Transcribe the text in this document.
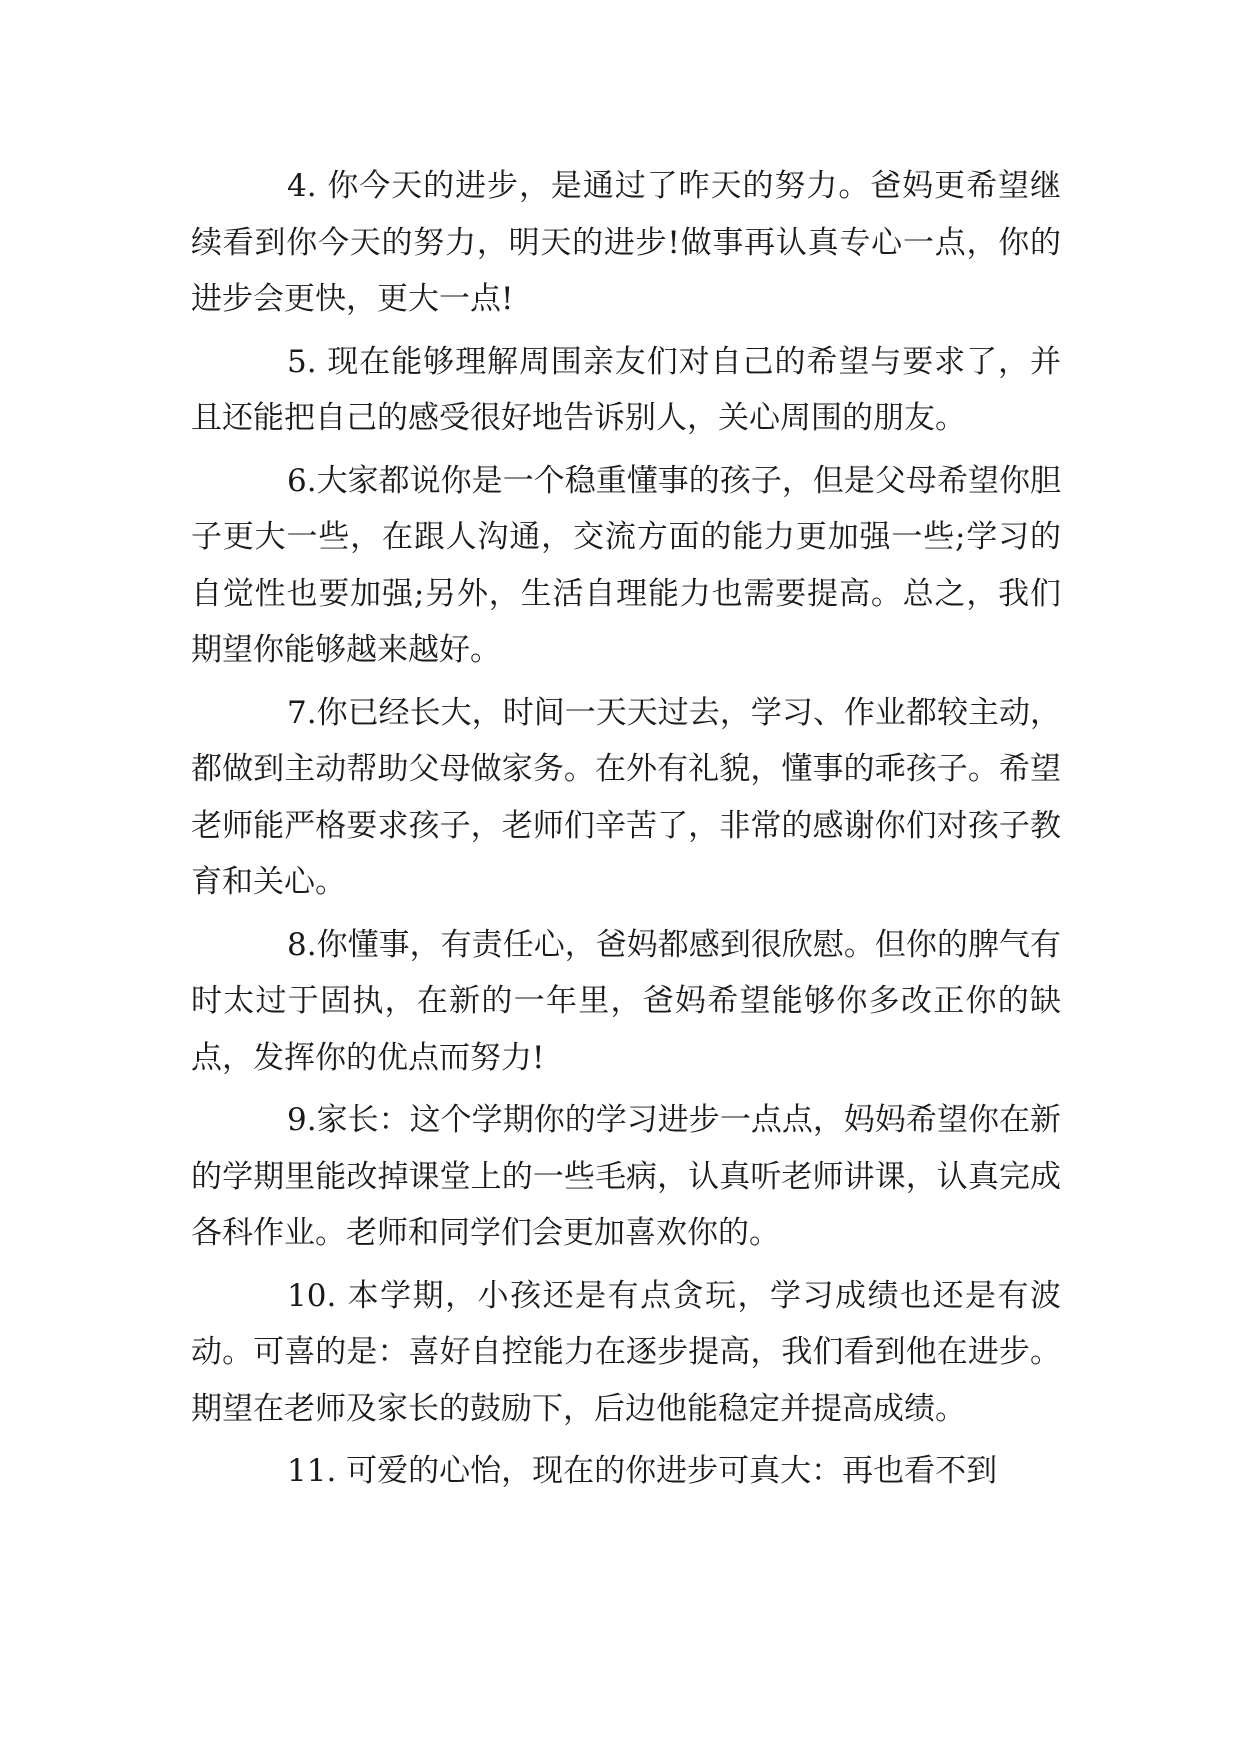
4. 你今天的进步，是通过了昨天的努力。爸妈更希望继续看到你今天的努力，明天的进步!做事再认真专心一点，你的进步会更快，更大一点!

5. 现在能够理解周围亲友们对自己的希望与要求了，并且还能把自己的感受很好地告诉别人，关心周围的朋友。

6.大家都说你是一个稳重懂事的孩子，但是父母希望你胆子更大一些，在跟人沟通，交流方面的能力更加强一些;学习的自觉性也要加强;另外，生活自理能力也需要提高。总之，我们期望你能够越来越好。

7.你已经长大，时间一天天过去，学习、作业都较主动，都做到主动帮助父母做家务。在外有礼貌，懂事的乖孩子。希望老师能严格要求孩子，老师们辛苦了，非常的感谢你们对孩子教育和关心。

8.你懂事，有责任心，爸妈都感到很欣慰。但你的脾气有时太过于固执，在新的一年里，爸妈希望能够你多改正你的缺点，发挥你的优点而努力!

9.家长：这个学期你的学习进步一点点，妈妈希望你在新的学期里能改掉课堂上的一些毛病，认真听老师讲课，认真完成各科作业。老师和同学们会更加喜欢你的。

10. 本学期，小孩还是有点贪玩，学习成绩也还是有波动。可喜的是：喜好自控能力在逐步提高，我们看到他在进步。期望在老师及家长的鼓励下，后边他能稳定并提高成绩。

11. 可爱的心怡，现在的你进步可真大：再也看不到
